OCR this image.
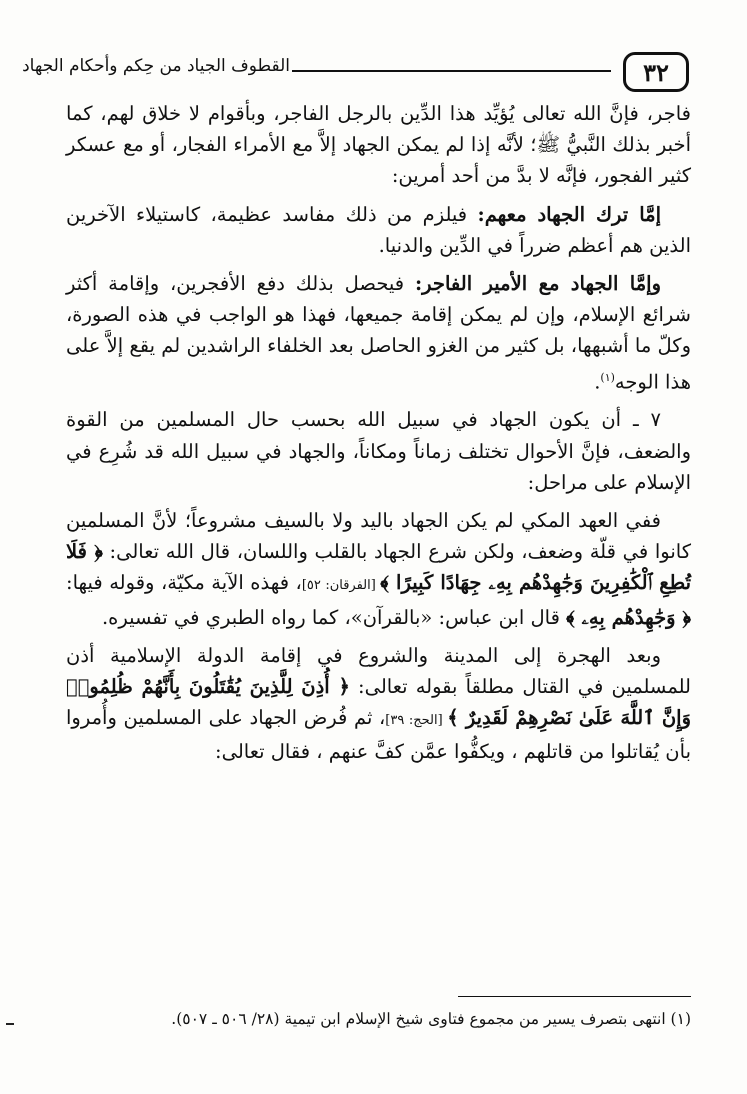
٣٢
القطوف الجياد من حِكم وأحكام الجهاد

فاجر، فإنَّ الله تعالى يُؤيِّد هذا الدِّين بالرجل الفاجر، وبأقوام لا خلاق لهم، كما أخبر بذلك النَّبيُّ ﷺ؛ لأنَّه إذا لم يمكن الجهاد إلاَّ مع الأمراء الفجار، أو مع عسكر كثير الفجور، فإنَّه لا بدَّ من أحد أمرين:

إمَّا ترك الجهاد معهم: فيلزم من ذلك مفاسد عظيمة، كاستيلاء الآخرين الذين هم أعظم ضرراً في الدِّين والدنيا.

وإمَّا الجهاد مع الأمير الفاجر: فيحصل بذلك دفع الأفجرين، وإقامة أكثر شرائع الإسلام، وإن لم يمكن إقامة جميعها، فهذا هو الواجب في هذه الصورة، وكلّ ما أشبهها، بل كثير من الغزو الحاصل بعد الخلفاء الراشدين لم يقع إلاَّ على هذا الوجه$^{(١)}$.

٧ ـ أن يكون الجهاد في سبيل الله بحسب حال المسلمين من القوة والضعف، فإنَّ الأحوال تختلف زماناً ومكاناً، والجهاد في سبيل الله قد شُرِع في الإسلام على مراحل:

ففي العهد المكي لم يكن الجهاد باليد ولا بالسيف مشروعاً؛ لأنَّ المسلمين كانوا في قلّة وضعف، ولكن شرع الجهاد بالقلب واللسان، قال الله تعالى: ﴿ فَلَا تُطِعِ ٱلْكَٰفِرِينَ وَجَٰهِدْهُم بِهِۦ جِهَادًا كَبِيرًا ﴾ [الفرقان: ٥٢]، فهذه الآية مكيّة، وقوله فيها: ﴿ وَجَٰهِدْهُم بِهِۦ ﴾ قال ابن عباس: «بالقرآن»، كما رواه الطبري في تفسيره.

وبعد الهجرة إلى المدينة والشروع في إقامة الدولة الإسلامية أذن للمسلمين في القتال مطلقاً بقوله تعالى: ﴿ أُذِنَ لِلَّذِينَ يُقَٰتَلُونَ بِأَنَّهُمْ ظُلِمُوا۟ وَإِنَّ ٱللَّهَ عَلَىٰ نَصْرِهِمْ لَقَدِيرٌ ﴾ [الحج: ٣٩]، ثم فُرض الجهاد على المسلمين وأُمروا بأن يُقاتلوا من قاتلهم ، ويكفُّوا عمَّن كفَّ عنهم ، فقال تعالى:

(١) انتهى بتصرف يسير من مجموع فتاوى شيخ الإسلام ابن تيمية (٢٨/ ٥٠٦ ـ ٥٠٧).
